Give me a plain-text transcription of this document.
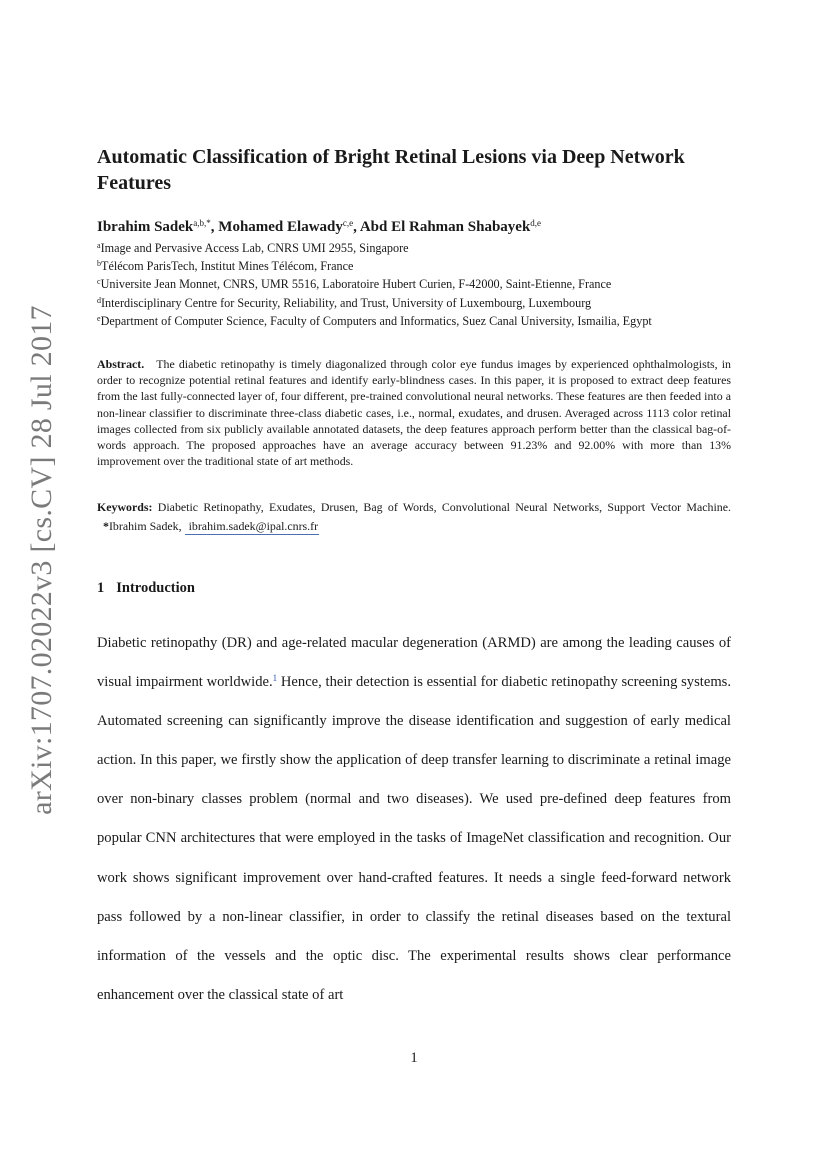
arXiv:1707.02022v3 [cs.CV] 28 Jul 2017
Automatic Classification of Bright Retinal Lesions via Deep Network Features
Ibrahim Sadek$^{a,b,*}$, Mohamed Elawady$^{c,e}$, Abd El Rahman Shabayek$^{d,e}$
$^a$Image and Pervasive Access Lab, CNRS UMI 2955, Singapore
$^b$Télécom ParisTech, Institut Mines Télécom, France
$^c$Universite Jean Monnet, CNRS, UMR 5516, Laboratoire Hubert Curien, F-42000, Saint-Etienne, France
$^d$Interdisciplinary Centre for Security, Reliability, and Trust, University of Luxembourg, Luxembourg
$^e$Department of Computer Science, Faculty of Computers and Informatics, Suez Canal University, Ismailia, Egypt

Abstract. The diabetic retinopathy is timely diagonalized through color eye fundus images by experienced ophthalmologists, in order to recognize potential retinal features and identify early-blindness cases. In this paper, it is proposed to extract deep features from the last fully-connected layer of, four different, pre-trained convolutional neural networks. These features are then feeded into a non-linear classifier to discriminate three-class diabetic cases, i.e., normal, exudates, and drusen. Averaged across 1113 color retinal images collected from six publicly available annotated datasets, the deep features approach perform better than the classical bag-of-words approach. The proposed approaches have an average accuracy between 91.23% and 92.00% with more than 13% improvement over the traditional state of art methods.

Keywords: Diabetic Retinopathy, Exudates, Drusen, Bag of Words, Convolutional Neural Networks, Support Vector Machine. *Ibrahim Sadek, ibrahim.sadek@ipal.cnrs.fr

1 Introduction

Diabetic retinopathy (DR) and age-related macular degeneration (ARMD) are among the leading causes of visual impairment worldwide.$^1$ Hence, their detection is essential for diabetic retinopathy screening systems. Automated screening can significantly improve the disease identification and suggestion of early medical action. In this paper, we firstly show the application of deep transfer learning to discriminate a retinal image over non-binary classes problem (normal and two diseases). We used pre-defined deep features from popular CNN architectures that were employed in the tasks of ImageNet classification and recognition. Our work shows significant improvement over hand-crafted features. It needs a single feed-forward network pass followed by a non-linear classifier, in order to classify the retinal diseases based on the textural information of the vessels and the optic disc. The experimental results shows clear performance enhancement over the classical state of art

1
